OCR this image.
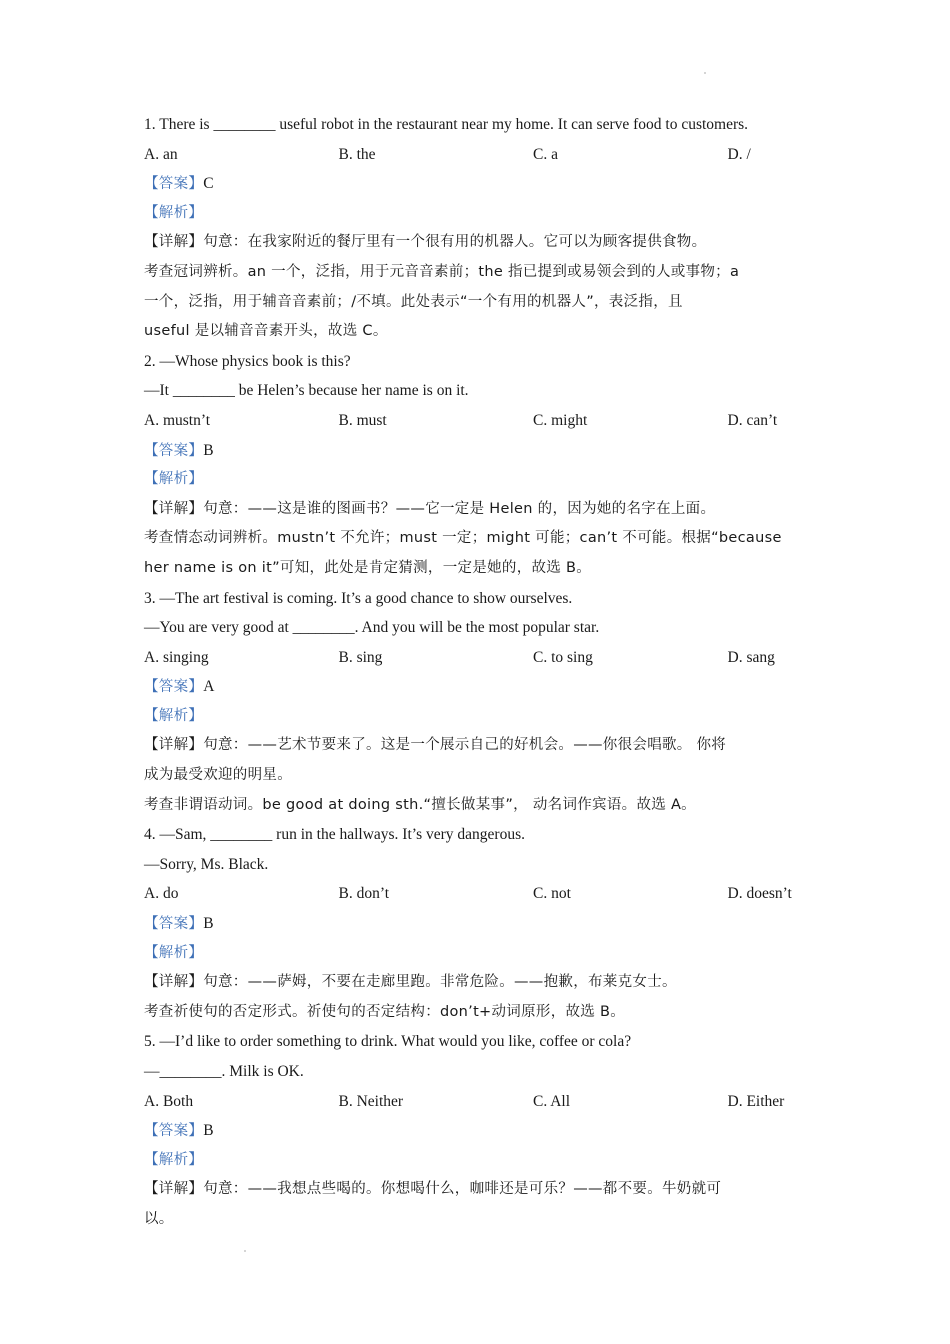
1. There is ________ useful robot in the restaurant near my home. It can serve food to customers.
A. an	B. the	C. a	D. /
【答案】C
【解析】
【详解】句意：在我家附近的餐厅里有一个很有用的机器人。它可以为顾客提供食物。
考查冠词辨析。an 一个，泛指，用于元音音素前；the 指已提到或易领会到的人或事物；a
一个，泛指，用于辅音音素前；/不填。此处表示“一个有用的机器人”，表泛指，且
useful 是以辅音音素开头，故选 C。
2. —Whose physics book is this?
—It ________ be Helen’s because her name is on it.
A. mustn’t	B. must	C. might	D. can’t
【答案】B
【解析】
【详解】句意：——这是谁的图画书？——它一定是 Helen 的，因为她的名字在上面。
考查情态动词辨析。mustn’t 不允许；must 一定；might 可能；can’t 不可能。根据“because
her name is on it”可知，此处是肯定猜测，一定是她的，故选 B。
3. —The art festival is coming. It’s a good chance to show ourselves.
—You are very good at ________. And you will be the most popular star.
A. singing	B. sing	C. to sing	D. sang
【答案】A
【解析】
【详解】句意：——艺术节要来了。这是一个展示自己的好机会。——你很会唱歌。 你将
成为最受欢迎的明星。
考查非谓语动词。be good at doing sth.“擅长做某事”， 动名词作宾语。故选 A。
4. —Sam, ________ run in the hallways. It’s very dangerous.
—Sorry, Ms. Black.
A. do	B. don’t	C. not	D. doesn’t
【答案】B
【解析】
【详解】句意：——萨姆，不要在走廊里跑。非常危险。——抱歉，布莱克女士。
考查祈使句的否定形式。祈使句的否定结构：don’t+动词原形，故选 B。
5. —I’d like to order something to drink. What would you like, coffee or cola?
—________. Milk is OK.
A. Both	B. Neither	C. All	D. Either
【答案】B
【解析】
【详解】句意：——我想点些喝的。你想喝什么，咖啡还是可乐？——都不要。牛奶就可
以。
